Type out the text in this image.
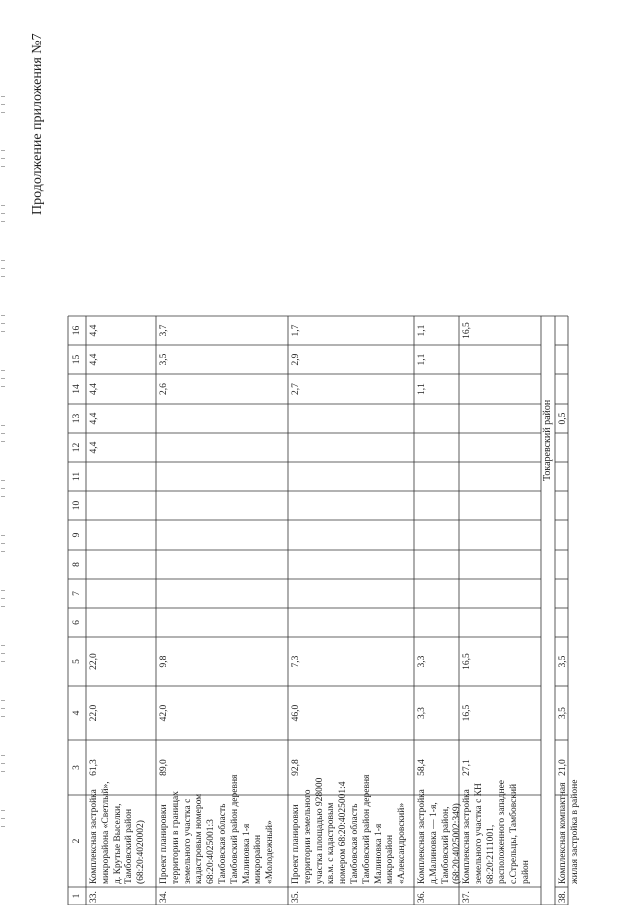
Продолжение приложения №7
1
2
3
4
5
6
7
8
9
10
11
12
13
14
15
16
33.
Комплексная застройка микрорайона «Светлый», д. Крутые Выселки, Тамбовский район (68:20:4020002)
61,3
22,0
22,0
4,4
4,4
4,4
4,4
4,4
34.
Проект планировки территории в границах земельного участка с кадастровым номером 68:20:4025001:3 Тамбовская область Тамбовский район деревня Малиновка 1-я микрорайон «Молодежный»
89,0
42,0
9,8
2,6
3,5
3,7
35.
Проект планировки территории земельного участка площадью 928000 кв.м. с кадастровым номером 68:20:4025001:4 Тамбовская область Тамбовский район деревня Малиновка 1-я микрорайон «Александровский»
92,8
46,0
7,3
2,7
2,9
1,7
36.
Комплексная застройка д.Малиновка — 1-я, Тамбовский район, (68:20:4025002:349)
58,4
3,3
3,3
1,1
1,1
1,1
37.
Комплексная застройка земельного участка с КН 68:20:2111001, расположенного западнее с.Стрельцы, Тамбовский район
27,1
16,5
16,5
16,5
38.
Комплексная компактная жилая застройка в районе
21,0
3,5
3,5
0,5
Токаревский район
